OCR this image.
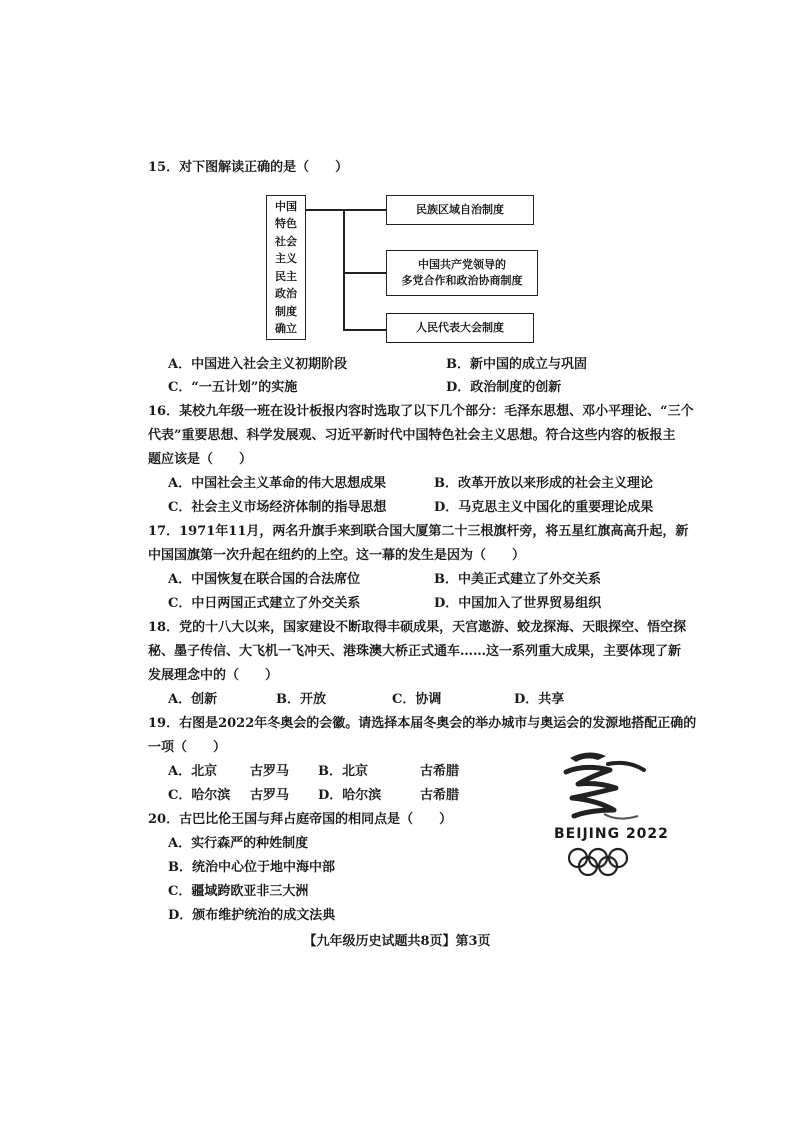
15．对下图解读正确的是（　　）
中国
特色
社会
主义
民主
政治
制度
确立
民族区域自治制度
中国共产党领导的
多党合作和政治协商制度
人民代表大会制度
A．中国进入社会主义初期阶段	B．新中国的成立与巩固
C．“一五计划”的实施	D．政治制度的创新
16．某校九年级一班在设计板报内容时选取了以下几个部分：毛泽东思想、邓小平理论、“三个
代表”重要思想、科学发展观、习近平新时代中国特色社会主义思想。符合这些内容的板报主
题应该是（　　）
A．中国社会主义革命的伟大思想成果	B．改革开放以来形成的社会主义理论
C．社会主义市场经济体制的指导思想	D．马克思主义中国化的重要理论成果
17．1971年11月，两名升旗手来到联合国大厦第二十三根旗杆旁，将五星红旗高高升起，新
中国国旗第一次升起在纽约的上空。这一幕的发生是因为（　　）
A．中国恢复在联合国的合法席位	B．中美正式建立了外交关系
C．中日两国正式建立了外交关系	D．中国加入了世界贸易组织
18．党的十八大以来，国家建设不断取得丰硕成果，天宫遨游、蛟龙探海、天眼探空、悟空探
秘、墨子传信、大飞机一飞冲天、港珠澳大桥正式通车……这一系列重大成果，主要体现了新
发展理念中的（　　）
A．创新	B．开放	C．协调	D．共享
19．右图是2022年冬奥会的会徽。请选择本届冬奥会的举办城市与奥运会的发源地搭配正确的
一项（　　）
A．北京	古罗马 B．北京	古希腊
C．哈尔滨 古罗马 D．哈尔滨	古希腊
BEIJING 2022
20．古巴比伦王国与拜占庭帝国的相同点是（　　）
A．实行森严的种姓制度
B．统治中心位于地中海中部
C．疆域跨欧亚非三大洲
D．颁布维护统治的成文法典
【九年级历史试题共8页】第3页
